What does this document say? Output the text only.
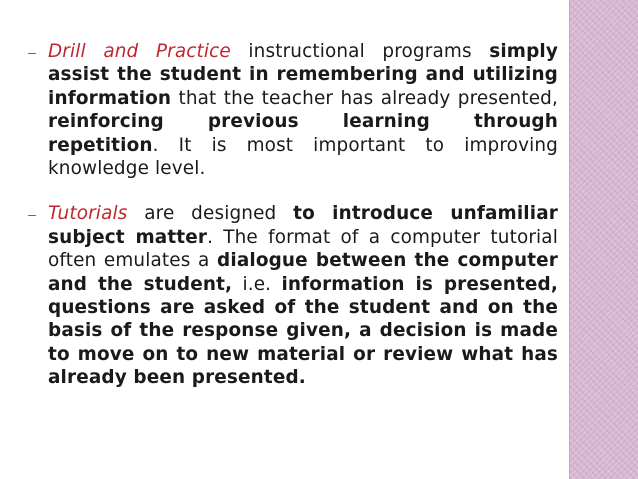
Drill and Practice instructional programs simply assist the student in remembering and utilizing information that the teacher has already presented, reinforcing previous learning through repetition. It is most important to improving knowledge level.
Tutorials are designed to introduce unfamiliar subject matter. The format of a computer tutorial often emulates a dialogue between the computer and the student, i.e. information is presented, questions are asked of the student and on the basis of the response given, a decision is made to move on to new material or review what has already been presented.
